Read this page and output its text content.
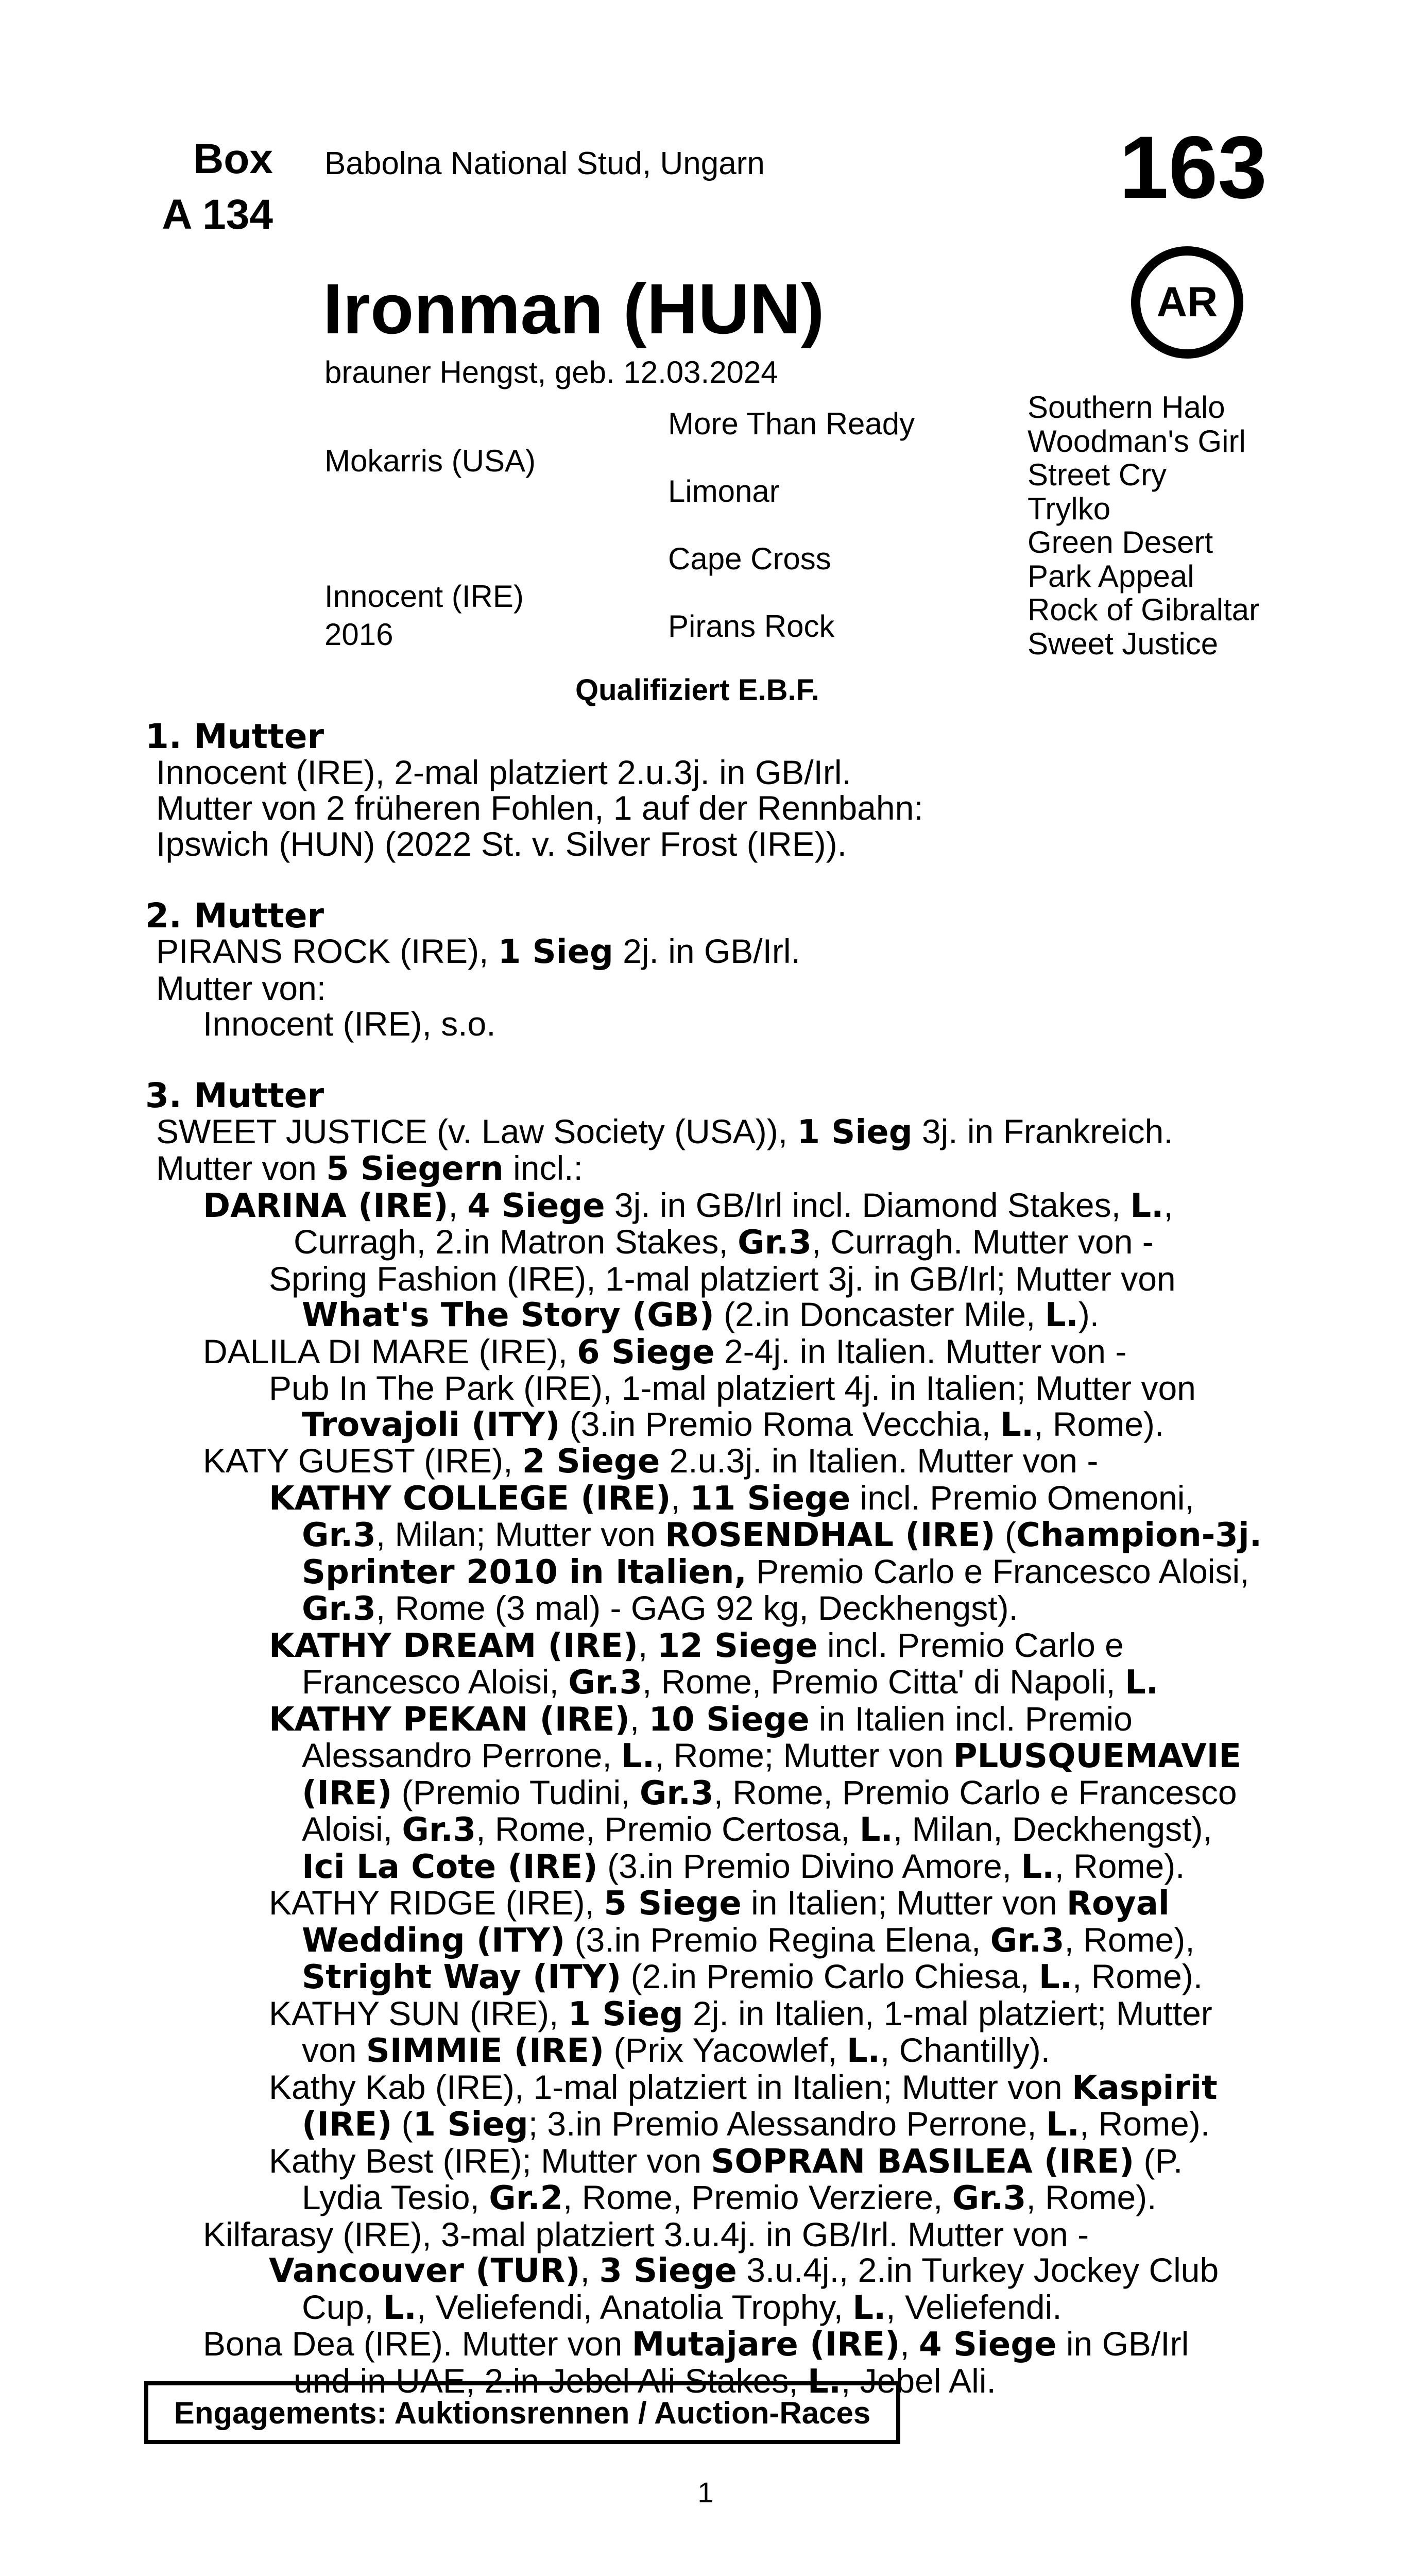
Box
A 134
Babolna National Stud, Ungarn	163
AR
Ironman (HUN)
brauner Hengst, geb. 12.03.2024
Mokarris (USA)
Innocent (IRE)
2016
More Than Ready
Limonar
Cape Cross
Pirans Rock
Southern Halo
Woodman's Girl
Street Cry
Trylko
Green Desert
Park Appeal
Rock of Gibraltar
Sweet Justice
Qualifiziert E.B.F.
1. Mutter
Innocent (IRE), 2-mal platziert 2.u.3j. in GB/Irl.
Mutter von 2 früheren Fohlen, 1 auf der Rennbahn:
Ipswich (HUN) (2022 St. v. Silver Frost (IRE)).
2. Mutter
PIRANS ROCK (IRE), 1 Sieg 2j. in GB/Irl.
Mutter von:
Innocent (IRE), s.o.
3. Mutter
SWEET JUSTICE (v. Law Society (USA)), 1 Sieg 3j. in Frankreich.
Mutter von 5 Siegern incl.:
DARINA (IRE), 4 Siege 3j. in GB/Irl incl. Diamond Stakes, L.,
Curragh, 2.in Matron Stakes, Gr.3, Curragh. Mutter von -
Spring Fashion (IRE), 1-mal platziert 3j. in GB/Irl; Mutter von
What's The Story (GB) (2.in Doncaster Mile, L.).
DALILA DI MARE (IRE), 6 Siege 2-4j. in Italien. Mutter von -
Pub In The Park (IRE), 1-mal platziert 4j. in Italien; Mutter von
Trovajoli (ITY) (3.in Premio Roma Vecchia, L., Rome).
KATY GUEST (IRE), 2 Siege 2.u.3j. in Italien. Mutter von -
KATHY COLLEGE (IRE), 11 Siege incl. Premio Omenoni,
Gr.3, Milan; Mutter von ROSENDHAL (IRE) (Champion-3j.
Sprinter 2010 in Italien, Premio Carlo e Francesco Aloisi,
Gr.3, Rome (3 mal) - GAG 92 kg, Deckhengst).
KATHY DREAM (IRE), 12 Siege incl. Premio Carlo e
Francesco Aloisi, Gr.3, Rome, Premio Citta' di Napoli, L.
KATHY PEKAN (IRE), 10 Siege in Italien incl. Premio
Alessandro Perrone, L., Rome; Mutter von PLUSQUEMAVIE
(IRE) (Premio Tudini, Gr.3, Rome, Premio Carlo e Francesco
Aloisi, Gr.3, Rome, Premio Certosa, L., Milan, Deckhengst),
Ici La Cote (IRE) (3.in Premio Divino Amore, L., Rome).
KATHY RIDGE (IRE), 5 Siege in Italien; Mutter von Royal
Wedding (ITY) (3.in Premio Regina Elena, Gr.3, Rome),
Stright Way (ITY) (2.in Premio Carlo Chiesa, L., Rome).
KATHY SUN (IRE), 1 Sieg 2j. in Italien, 1-mal platziert; Mutter
von SIMMIE (IRE) (Prix Yacowlef, L., Chantilly).
Kathy Kab (IRE), 1-mal platziert in Italien; Mutter von Kaspirit
(IRE) (1 Sieg; 3.in Premio Alessandro Perrone, L., Rome).
Kathy Best (IRE); Mutter von SOPRAN BASILEA (IRE) (P.
Lydia Tesio, Gr.2, Rome, Premio Verziere, Gr.3, Rome).
Kilfarasy (IRE), 3-mal platziert 3.u.4j. in GB/Irl. Mutter von -
Vancouver (TUR), 3 Siege 3.u.4j., 2.in Turkey Jockey Club
Cup, L., Veliefendi, Anatolia Trophy, L., Veliefendi.
Bona Dea (IRE). Mutter von Mutajare (IRE), 4 Siege in GB/Irl
und in UAE, 2.in Jebel Ali Stakes, L., Jebel Ali.
Engagements: Auktionsrennen / Auction-Races
1
